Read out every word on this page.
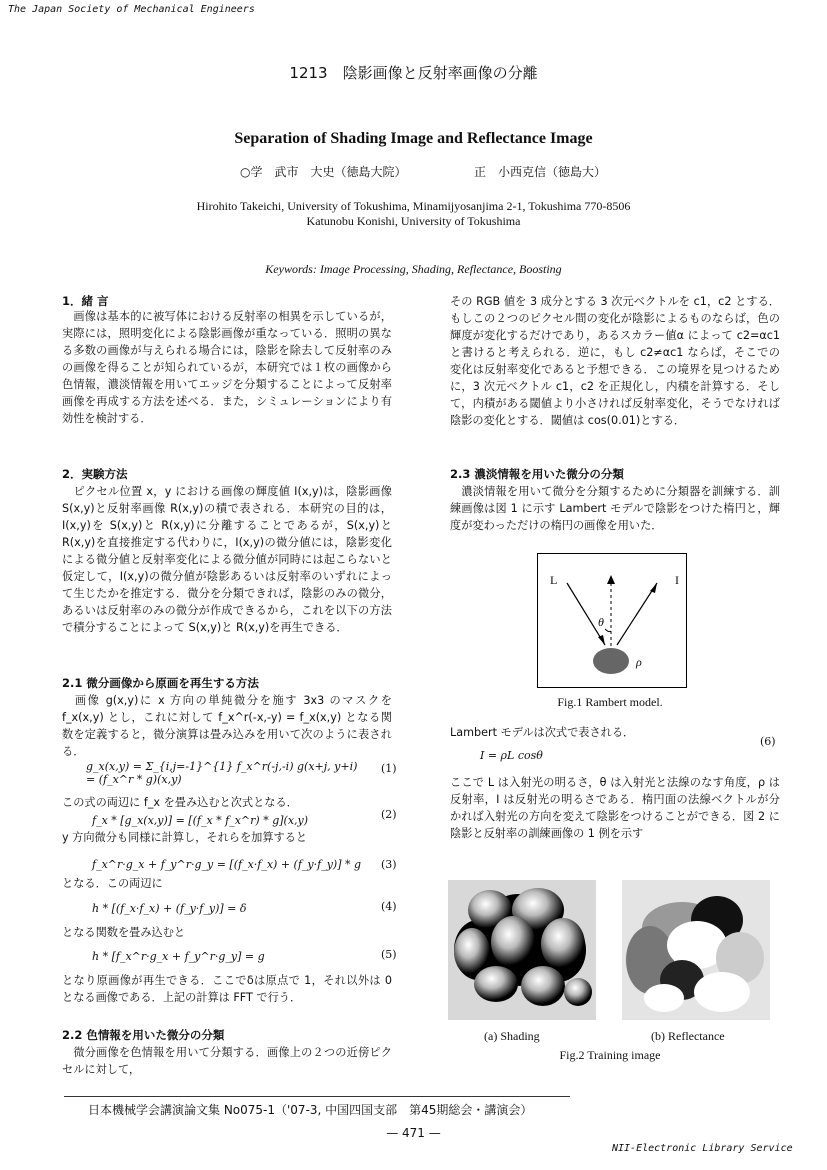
The Japan Society of Mechanical Engineers
1213　陰影画像と反射率画像の分離
Separation of Shading Image and Reflectance Image
○学　武市　大史（徳島大院）	正　小西克信（徳島大）
Hirohito Takeichi, University of Tokushima, Minamijyosanjima 2-1, Tokushima 770-8506
Katunobu Konishi, University of Tokushima
Keywords: Image Processing, Shading, Reflectance, Boosting
1．緒 言
　画像は基本的に被写体における反射率の相異を示しているが，実際には，照明変化による陰影画像が重なっている．照明の異なる多数の画像が与えられる場合には，陰影を除去して反射率のみの画像を得ることが知られているが，本研究では１枚の画像から色情報，濃淡情報を用いてエッジを分類することによって反射率画像を再成する方法を述べる．また，シミュレーションにより有効性を検討する．
2．実験方法
　ピクセル位置 x，y における画像の輝度値 I(x,y)は，陰影画像 S(x,y)と反射率画像 R(x,y)の積で表される．本研究の目的は，I(x,y)を S(x,y)と R(x,y)に分離することであるが，S(x,y)と R(x,y)を直接推定する代わりに，I(x,y)の微分値には，陰影変化による微分値と反射率変化による微分値が同時には起こらないと仮定して，I(x,y)の微分値が陰影あるいは反射率のいずれによって生じたかを推定する．微分を分類できれば，陰影のみの微分，あるいは反射率のみの微分が作成できるから，これを以下の方法で積分することによって S(x,y)と R(x,y)を再生できる．
2.1 微分画像から原画を再生する方法
　画像 g(x,y)に x 方向の単純微分を施す 3x3 のマスクを f_x(x,y) とし，これに対して f_x^r(-x,-y) = f_x(x,y) となる関数を定義すると，微分演算は畳み込みを用いて次のように表される．
g_x(x,y) = Σ_{i,j=-1}^{1} f_x^r(-j,-i) g(x+j, y+i) = (f_x^r * g)(x,y)
(1)
この式の両辺に f_x を畳み込むと次式となる．
f_x * [g_x(x,y)] = [(f_x * f_x^r) * g](x,y)	(2)
y 方向微分も同様に計算し，それらを加算すると
f_x^r·g_x + f_y^r·g_y = [(f_x·f_x) + (f_y·f_y)] * g (3)
となる．この両辺に
h * [(f_x·f_x) + (f_y·f_y)] = δ	(4)
となる関数を畳み込むと
h * [f_x^r·g_x + f_y^r·g_y] = g	(5)
となり原画像が再生できる．ここでδは原点で 1，それ以外は 0 となる画像である．上記の計算は FFT で行う．
2.2 色情報を用いた微分の分類
　微分画像を色情報を用いて分類する．画像上の２つの近傍ピクセルに対して，
その RGB 値を 3 成分とする 3 次元ベクトルを c1，c2 とする．もしこの２つのピクセル間の変化が陰影によるものならば，色の輝度が変化するだけであり，あるスカラー値α によって c2=αc1 と書けると考えられる．逆に，もし c2≠αc1 ならば，そこでの変化は反射率変化であると予想できる．この境界を見つけるために，3 次元ベクトル c1，c2 を正規化し，内積を計算する．そして，内積がある閾値より小さければ反射率変化，そうでなければ陰影の変化とする．閾値は cos(0.01)とする．
2.3 濃淡情報を用いた微分の分類
　濃淡情報を用いて微分を分類するために分類器を訓練する．訓練画像は図 1 に示す Lambert モデルで陰影をつけた楕円と，輝度が変わっただけの楕円の画像を用いた．
L	I
θ
ρ
Fig.1 Rambert model.
Lambert モデルは次式で表される．
I = ρL cosθ
(6)
ここで L は入射光の明るさ，θ は入射光と法線のなす角度，ρ は反射率，I は反射光の明るさである．楕円面の法線ベクトルが分かれば入射光の方向を変えて陰影をつけることができる．図 2 に陰影と反射率の訓練画像の 1 例を示す
(a) Shading	(b) Reflectance
Fig.2 Training image
日本機械学会講演論文集 No075-1（'07-3, 中国四国支部　第45期総会・講演会）
— 471 —
NII-Electronic Library Service
